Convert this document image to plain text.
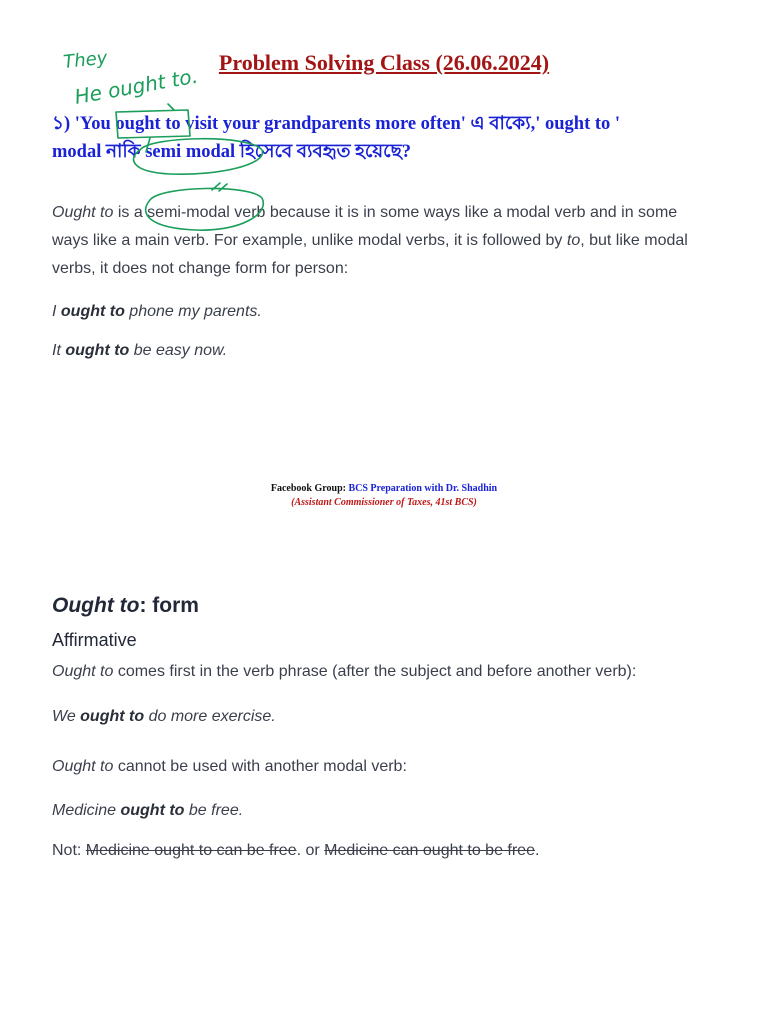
Problem Solving Class (26.06.2024)
১) 'You ought to visit your grandparents more often' এ বাক্যে,' ought to '
modal নাকি semi modal হিসেবে ব্যবহৃত হয়েছে?
Ought to is a semi-modal verb because it is in some ways like a modal verb and in some ways like a main verb. For example, unlike modal verbs, it is followed by to, but like modal verbs, it does not change form for person:
I ought to phone my parents.
It ought to be easy now.
Facebook Group: BCS Preparation with Dr. Shadhin
(Assistant Commissioner of Taxes, 41st BCS)
Ought to: form
Affirmative
Ought to comes first in the verb phrase (after the subject and before another verb):
We ought to do more exercise.
Ought to cannot be used with another modal verb:
Medicine ought to be free.
Not: Medicine ought to can be free. or Medicine can ought to be free.
They
He ought to.
